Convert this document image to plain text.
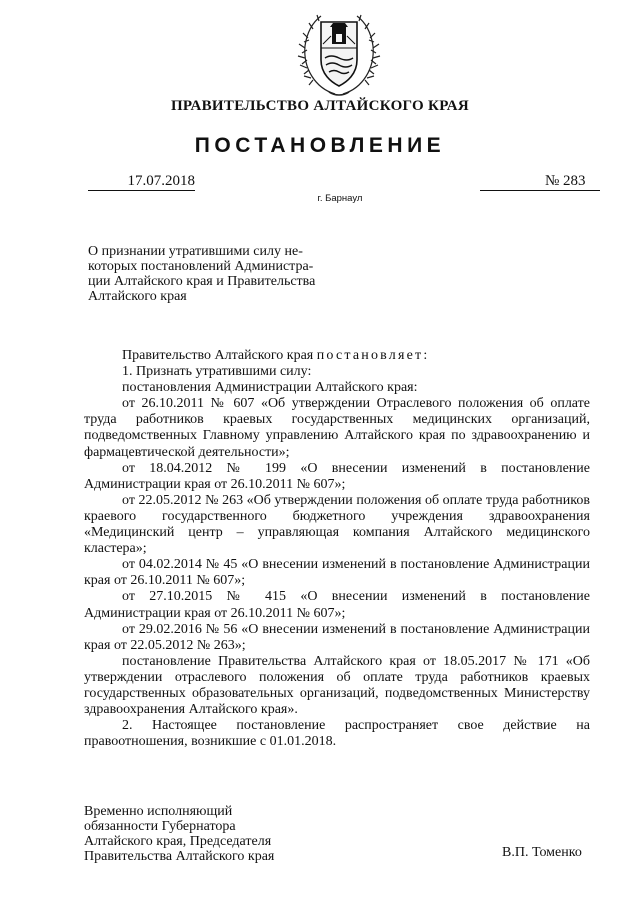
ПРАВИТЕЛЬСТВО АЛТАЙСКОГО КРАЯ
ПОСТАНОВЛЕНИЕ
17.07.2018	№ 283
г. Барнаул
О признании утратившими силу не-
которых постановлений Администра-
ции Алтайского края и Правительства
Алтайского края

Правительство Алтайского края постановляет:

1. Признать утратившими силу:

постановления Администрации Алтайского края:

от 26.10.2011 № 607 «Об утверждении Отраслевого положения об оплате труда работников краевых государственных медицинских организаций, подведомственных Главному управлению Алтайского края по здравоохранению и фармацевтической деятельности»;

от 18.04.2012 № 199 «О внесении изменений в постановление Администрации края от 26.10.2011 № 607»;

от 22.05.2012 № 263 «Об утверждении положения об оплате труда работников краевого государственного бюджетного учреждения здравоохранения «Медицинский центр – управляющая компания Алтайского медицинского кластера»;

от 04.02.2014 № 45 «О внесении изменений в постановление Администрации края от 26.10.2011 № 607»;

от 27.10.2015 № 415 «О внесении изменений в постановление Администрации края от 26.10.2011 № 607»;

от 29.02.2016 № 56 «О внесении изменений в постановление Администрации края от 22.05.2012 № 263»;

постановление Правительства Алтайского края от 18.05.2017 № 171 «Об утверждении отраслевого положения об оплате труда работников краевых государственных образовательных организаций, подведомственных Министерству здравоохранения Алтайского края».

2. Настоящее постановление распространяет свое действие на правоотношения, возникшие с 01.01.2018.

Временно исполняющий
обязанности Губернатора
Алтайского края, Председателя
Правительства Алтайского края	В.П. Томенко
